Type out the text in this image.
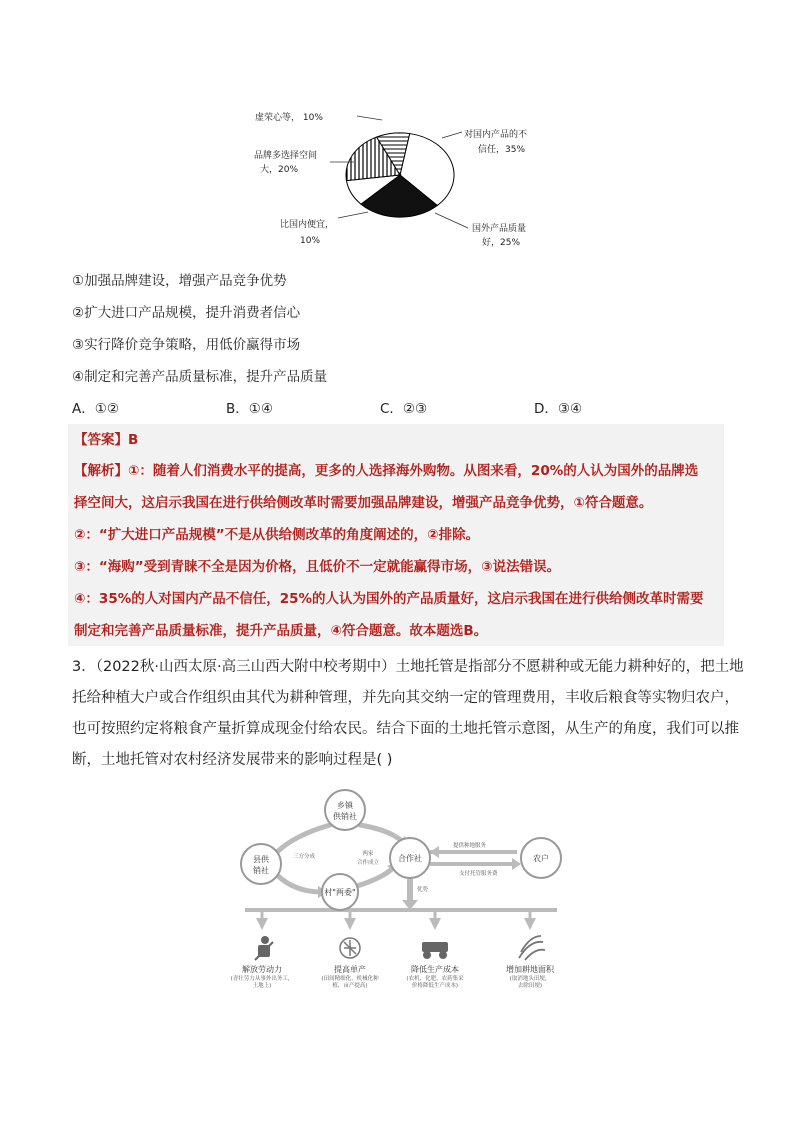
对国内产品的不
信任，35%
国外产品质量
好，25%
比国内便宜，
10%
品牌多选择空间
大，20%
虚荣心等， 10%
①加强品牌建设，增强产品竞争优势
②扩大进口产品规模，提升消费者信心
③实行降价竞争策略，用低价赢得市场
④制定和完善产品质量标准，提升产品质量
A．①②	B．①④	C．②③	D．③④
【答案】B
【解析】①：随着人们消费水平的提高，更多的人选择海外购物。从图来看，20%的人认为国外的品牌选
择空间大，这启示我国在进行供给侧改革时需要加强品牌建设，增强产品竞争优势，①符合题意。
②：“扩大进口产品规模”不是从供给侧改革的角度阐述的，②排除。
③：“海购”受到青睐不全是因为价格，且低价不一定就能赢得市场，③说法错误。
④：35%的人对国内产品不信任，25%的人认为国外的产品质量好，这启示我国在进行供给侧改革时需要
制定和完善产品质量标准，提升产品质量，④符合题意。故本题选B。
3．（2022秋·山西太原·高三山西大附中校考期中）土地托管是指部分不愿耕种或无能力耕种好的，把土地
托给种植大户或合作组织由其代为耕种管理，并先向其交纳一定的管理费用，丰收后粮食等实物归农户，
也可按照约定将粮食产量折算成现金付给农民。结合下面的土地托管示意图，从生产的角度，我们可以推
断，土地托管对农村经济发展带来的影响过程是( )
乡镇
供销社
县供
销社
村"两委"
合作社	农户
三方分成	两家
合作成立
提供种地服务
支付托管服务费
优势
解放劳动力
(青壮劳力从事外出务工，
土地上)
提高单产
(田间精细化、机械化种
植，亩产提高)
降低生产成本
(农机、化肥、农药集采
价格降低生产成本)
增加耕地面积
(取消地头田埂，
去除田埂)
